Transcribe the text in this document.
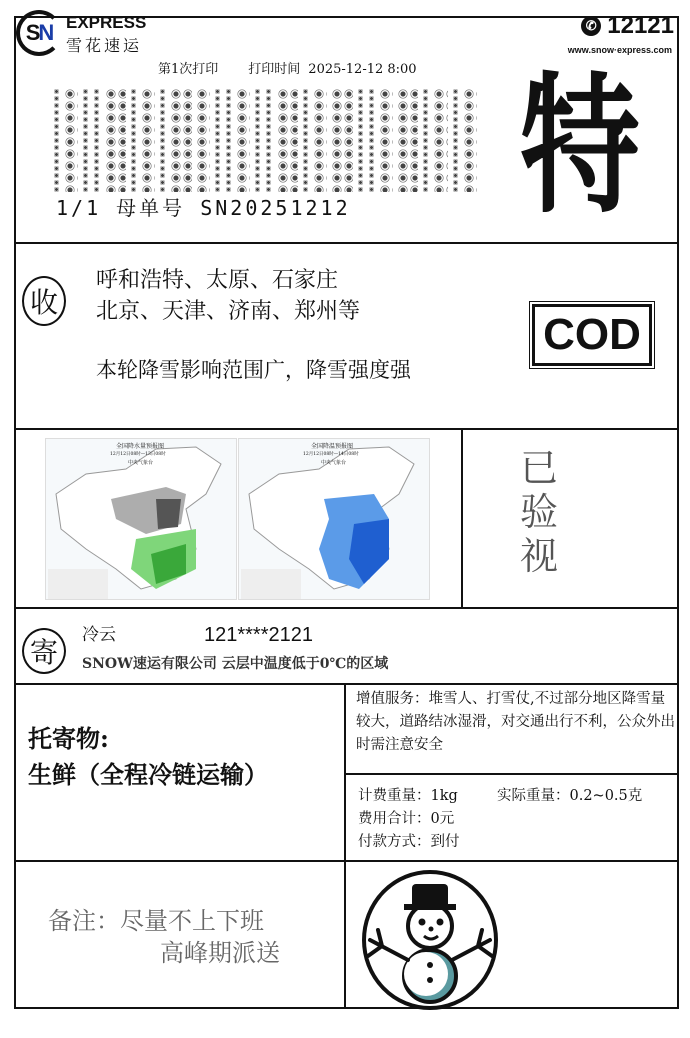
S N EXPRESS
雪花速运
✆ 12121
www.snow·express.com
第1次打印 打印时间 2025-12-12 8:00
1/1 母单号 SN20251212 特
收
呼和浩特、太原、石家庄
北京、天津、济南、郑州等
本轮降雪影响范围广，降雪强度强
COD
全国降水量预报图
12月12日08时—13日08时
中央气象台
全国降温预报图
12月12日08时—14日08时
中央气象台	已验视
寄
冷云	121****2121
SNOW速运有限公司 云层中温度低于0℃的区域
托寄物:
生鲜（全程冷链运输）
增值服务：堆雪人、打雪仗,不过部分地区降雪量较大，道路结冰湿滑，对交通出行不利，公众外出时需注意安全
计费重量：1kg	实际重量：0.2~0.5克
费用合计：0元
付款方式：到付
备注：尽量不上下班
高峰期派送
